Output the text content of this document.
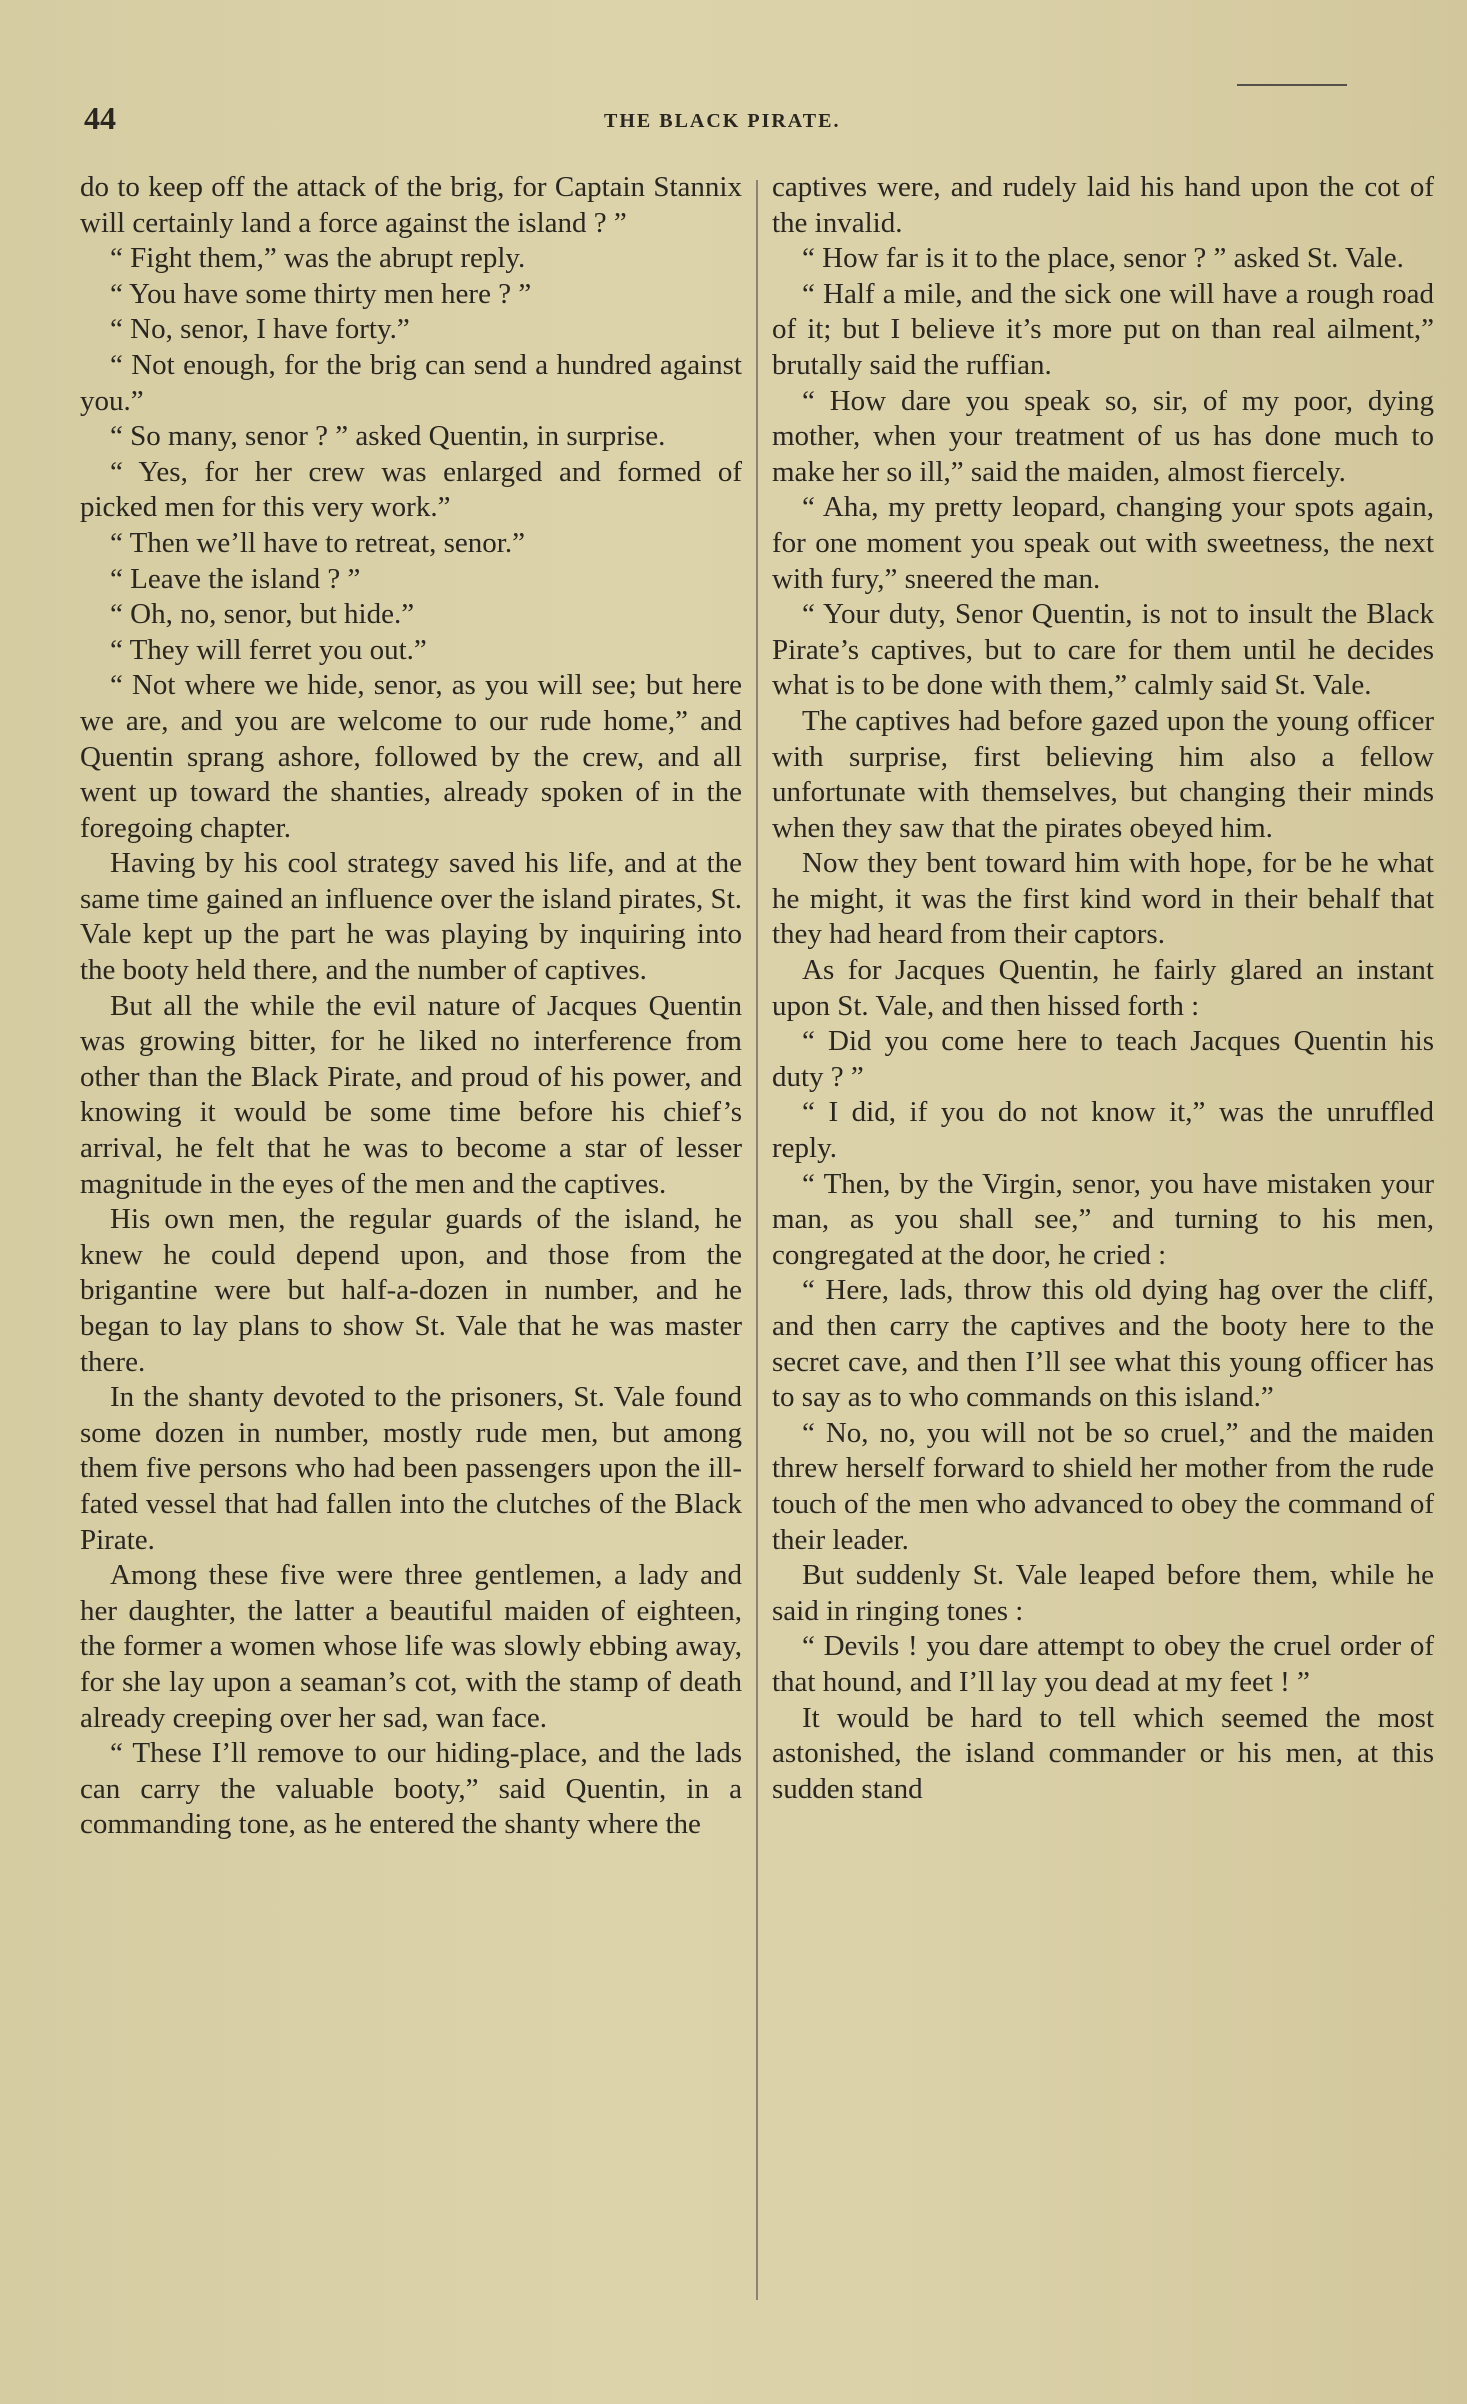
44	THE BLACK PIRATE.

do to keep off the attack of the brig, for Captain Stannix will certainly land a force against the island ? ”

“ Fight them,” was the abrupt reply.

“ You have some thirty men here ? ”

“ No, senor, I have forty.”

“ Not enough, for the brig can send a hundred against you.”

“ So many, senor ? ” asked Quentin, in surprise.

“ Yes, for her crew was enlarged and formed of picked men for this very work.”

“ Then we’ll have to retreat, senor.”

“ Leave the island ? ”

“ Oh, no, senor, but hide.”

“ They will ferret you out.”

“ Not where we hide, senor, as you will see; but here we are, and you are welcome to our rude home,” and Quentin sprang ashore, followed by the crew, and all went up toward the shanties, already spoken of in the foregoing chapter.

Having by his cool strategy saved his life, and at the same time gained an influence over the island pirates, St. Vale kept up the part he was playing by inquiring into the booty held there, and the number of captives.

But all the while the evil nature of Jacques Quentin was growing bitter, for he liked no interference from other than the Black Pirate, and proud of his power, and knowing it would be some time before his chief’s arrival, he felt that he was to become a star of lesser magnitude in the eyes of the men and the captives.

His own men, the regular guards of the island, he knew he could depend upon, and those from the brigantine were but half-a-dozen in number, and he began to lay plans to show St. Vale that he was master there.

In the shanty devoted to the prisoners, St. Vale found some dozen in number, mostly rude men, but among them five persons who had been passengers upon the ill-fated vessel that had fallen into the clutches of the Black Pirate.

Among these five were three gentlemen, a lady and her daughter, the latter a beautiful maiden of eighteen, the former a women whose life was slowly ebbing away, for she lay upon a seaman’s cot, with the stamp of death already creeping over her sad, wan face.

“ These I’ll remove to our hiding-place, and the lads can carry the valuable booty,” said Quentin, in a commanding tone, as he entered the shanty where the

captives were, and rudely laid his hand upon the cot of the invalid.

“ How far is it to the place, senor ? ” asked St. Vale.

“ Half a mile, and the sick one will have a rough road of it; but I believe it’s more put on than real ailment,” brutally said the ruffian.

“ How dare you speak so, sir, of my poor, dying mother, when your treatment of us has done much to make her so ill,” said the maiden, almost fiercely.

“ Aha, my pretty leopard, changing your spots again, for one moment you speak out with sweetness, the next with fury,” sneered the man.

“ Your duty, Senor Quentin, is not to insult the Black Pirate’s captives, but to care for them until he decides what is to be done with them,” calmly said St. Vale.

The captives had before gazed upon the young officer with surprise, first believing him also a fellow unfortunate with themselves, but changing their minds when they saw that the pirates obeyed him.

Now they bent toward him with hope, for be he what he might, it was the first kind word in their behalf that they had heard from their captors.

As for Jacques Quentin, he fairly glared an instant upon St. Vale, and then hissed forth :

“ Did you come here to teach Jacques Quentin his duty ? ”

“ I did, if you do not know it,” was the unruffled reply.

“ Then, by the Virgin, senor, you have mistaken your man, as you shall see,” and turning to his men, congregated at the door, he cried :

“ Here, lads, throw this old dying hag over the cliff, and then carry the captives and the booty here to the secret cave, and then I’ll see what this young officer has to say as to who commands on this island.”

“ No, no, you will not be so cruel,” and the maiden threw herself forward to shield her mother from the rude touch of the men who advanced to obey the command of their leader.

But suddenly St. Vale leaped before them, while he said in ringing tones :

“ Devils ! you dare attempt to obey the cruel order of that hound, and I’ll lay you dead at my feet ! ”

It would be hard to tell which seemed the most astonished, the island commander or his men, at this sudden stand
